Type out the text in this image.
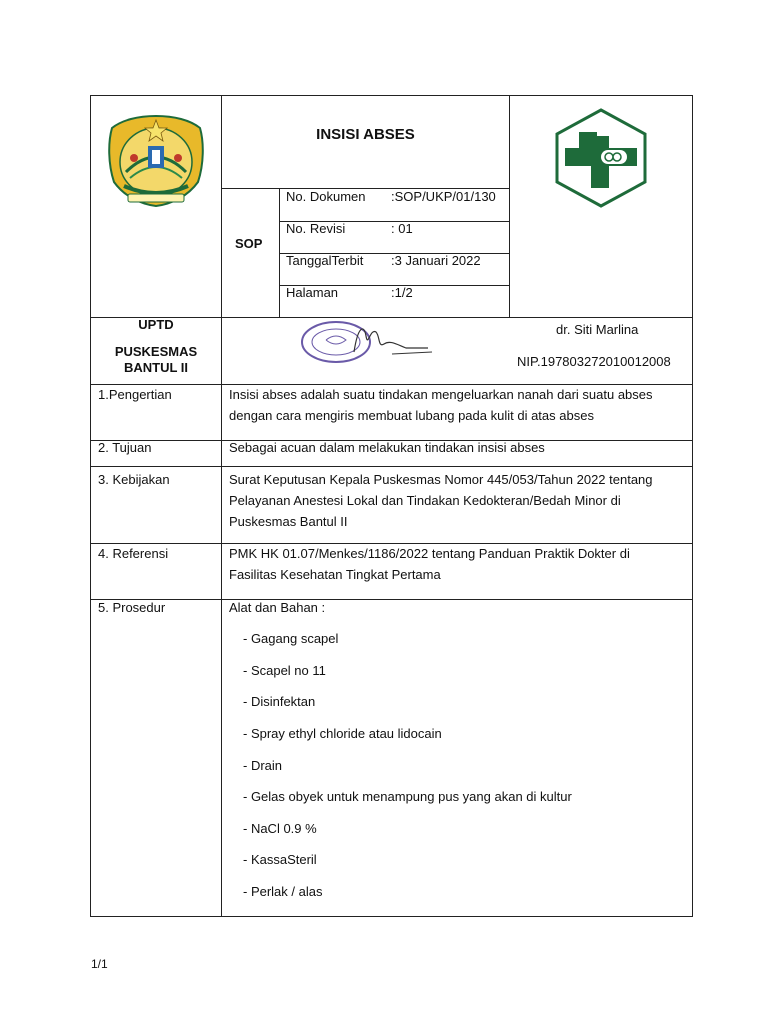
INSISI ABSES
SOP
No. Dokumen :SOP/UKP/01/130
No. Revisi	: 01
TanggalTerbit :3 Januari 2022
Halaman	:1/2
UPTD
PUSKESMAS
BANTUL II
dr. Siti Marlina
NIP.197803272010012008
1.Pengertian	Insisi abses adalah suatu tindakan mengeluarkan nanah dari suatu abses
dengan cara mengiris membuat lubang pada kulit di atas abses
2. Tujuan	Sebagai acuan dalam melakukan tindakan insisi abses
3. Kebijakan	Surat Keputusan Kepala Puskesmas Nomor 445/053/Tahun 2022 tentang
Pelayanan Anestesi Lokal dan Tindakan Kedokteran/Bedah Minor di
Puskesmas Bantul II
4. Referensi	PMK HK 01.07/Menkes/1186/2022 tentang Panduan Praktik Dokter di
Fasilitas Kesehatan Tingkat Pertama
5. Prosedur	Alat dan Bahan :
- Gagang scapel
- Scapel no 11
- Disinfektan
- Spray ethyl chloride atau lidocain
- Drain
- Gelas obyek untuk menampung pus yang akan di kultur
- NaCl 0.9 %
- KassaSteril
- Perlak / alas
1/1
